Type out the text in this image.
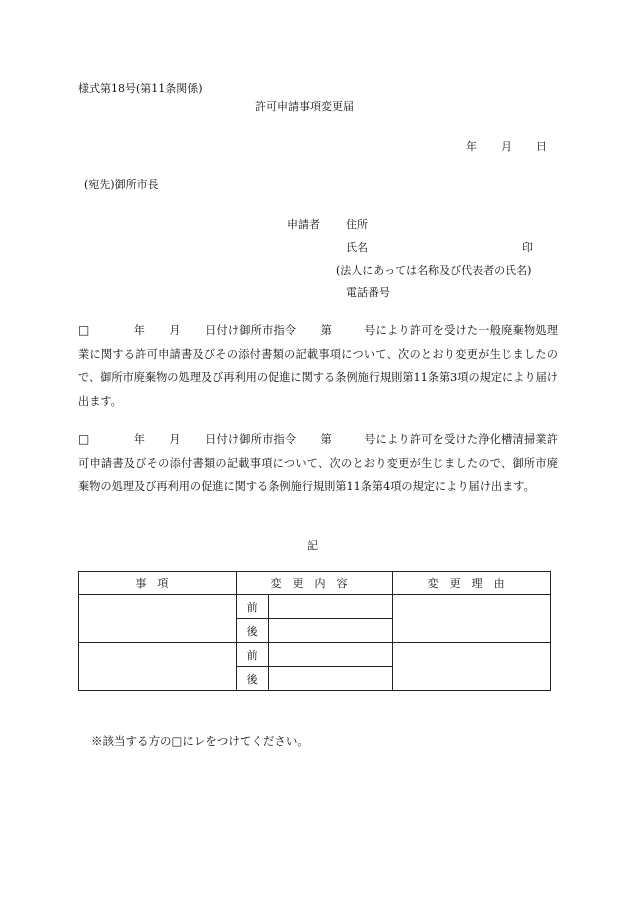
様式第18号(第11条関係)
許可申請事項変更届
年 月 日
(宛先)御所市長
申請者 住所
氏名	印
(法人にあっては名称及び代表者の氏名)
電話番号
□	年 月 日付け御所市指令 第	号により許可を受けた一般廃棄物処理業に関する許可申請書及びその添付書類の記載事項について、次のとおり変更が生じましたので、御所市廃棄物の処理及び再利用の促進に関する条例施行規則第11条第3項の規定により届け出ます。
□	年 月 日付け御所市指令 第	号により許可を受けた浄化槽清掃業許可申請書及びその添付書類の記載事項について、次のとおり変更が生じましたので、御所市廃棄物の処理及び再利用の促進に関する条例施行規則第11条第4項の規定により届け出ます。
記
事項	変更内容		変更理由
	前		
	後		
	前		
	後		
※該当する方の□にレをつけてください。
